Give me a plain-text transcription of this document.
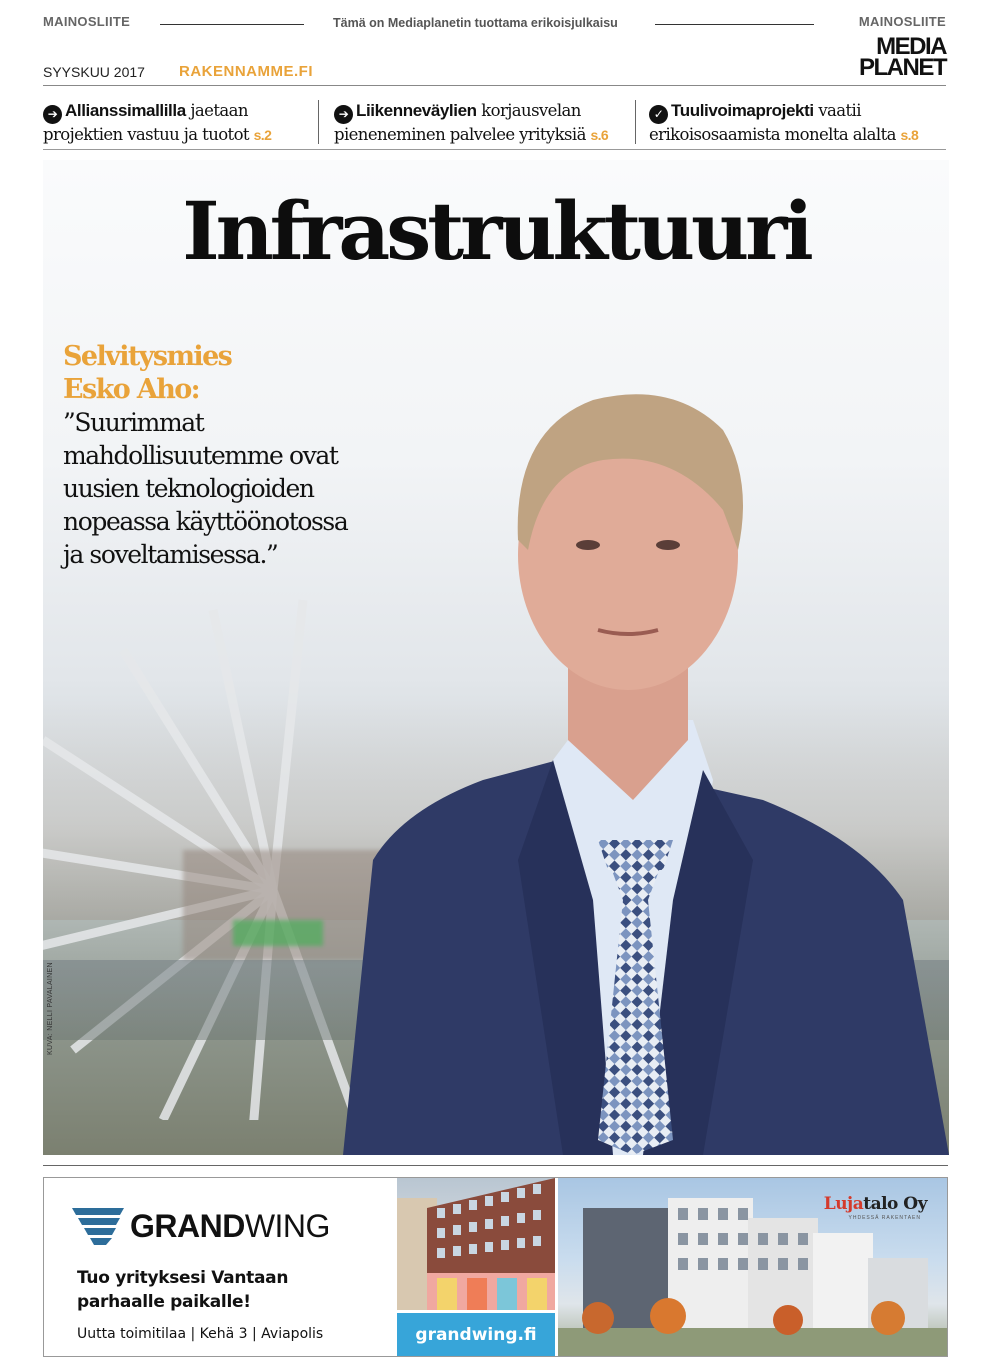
MAINOSLIITE	Tämä on Mediaplanetin tuottama erikoisjulkaisu	MAINOSLIITE
SYYSKUU 2017 RAKENNAMME.FI
MEDIA
PLANET
➔ Allianssimallilla jaetaan projektien vastuu ja tuotot s.2
➔ Liikenneväylien korjausvelan pieneneminen palvelee yrityksiä s.6
✓ Tuulivoimaprojekti vaatii erikoisosaamista monelta alalta s.8
Infrastruktuuri
Selvitysmies
Esko Aho:
”Suurimmat
mahdollisuutemme ovat
uusien teknologioiden
nopeassa käyttöönotossa
ja soveltamisessa.”
KUVA: NELLI PAVALAINEN
GRANDWING
Tuo yrityksesi Vantaan
parhaalle paikalle!
Uutta toimitilaa | Kehä 3 | Aviapolis	grandwing.fi
Lujatalo Oy
YHDESSÄ RAKENTAEN
